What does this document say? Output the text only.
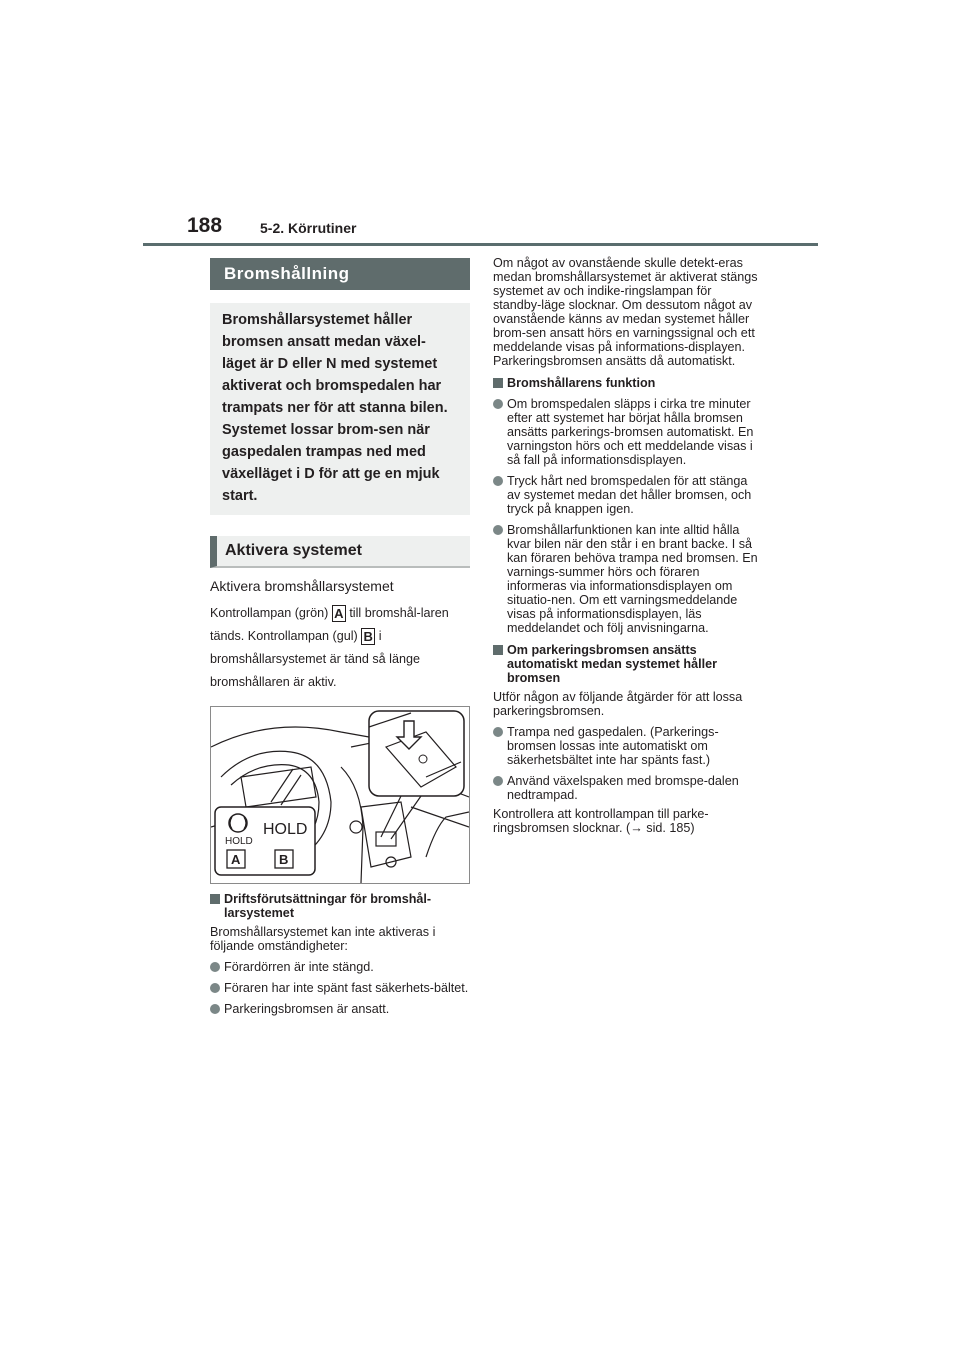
188	5-2. Körrutiner
Bromshållning
Bromshållarsystemet håller bromsen ansatt medan växel-läget är D eller N med systemet aktiverat och bromspedalen har trampats ner för att stanna bilen. Systemet lossar brom-sen när gaspedalen trampas ned med växelläget i D för att ge en mjuk start.
Aktivera systemet
Aktivera bromshållarsystemet
Kontrollampan (grön) A till bromshål-laren tänds. Kontrollampan (gul) B i bromshållarsystemet är tänd så länge bromshållaren är aktiv.
HOLD
HOLD
A	B
Driftsförutsättningar för bromshål-larsystemet
Bromshållarsystemet kan inte aktiveras i följande omständigheter:
Förardörren är inte stängd.
Föraren har inte spänt fast säkerhets-bältet.
Parkeringsbromsen är ansatt.
Om något av ovanstående skulle detekt-eras medan bromshållarsystemet är aktiverat stängs systemet av och indike-ringslampan för standby-läge slocknar. Om dessutom något av ovanstående känns av medan systemet håller brom-sen ansatt hörs en varningssignal och ett meddelande visas på informations-displayen. Parkeringsbromsen ansätts då automatiskt.
Bromshållarens funktion
Om bromspedalen släpps i cirka tre minuter efter att systemet har börjat hålla bromsen ansätts parkerings-bromsen automatiskt. En varningston hörs och ett meddelande visas i så fall på informationsdisplayen.
Tryck hårt ned bromspedalen för att stänga av systemet medan det håller bromsen, och tryck på knappen igen.
Bromshållarfunktionen kan inte alltid hålla kvar bilen när den står i en brant backe. I så kan föraren behöva trampa ned bromsen. En varnings-summer hörs och föraren informeras via informationsdisplayen om situatio-nen. Om ett varningsmeddelande visas på informationsdisplayen, läs meddelandet och följ anvisningarna.
Om parkeringsbromsen ansätts automatiskt medan systemet håller bromsen
Utför någon av följande åtgärder för att lossa parkeringsbromsen.
Trampa ned gaspedalen. (Parkerings-bromsen lossas inte automatiskt om säkerhetsbältet inte har spänts fast.)
Använd växelspaken med bromspe-dalen nedtrampad.
Kontrollera att kontrollampan till parke-ringsbromsen slocknar. (→ sid. 185)
